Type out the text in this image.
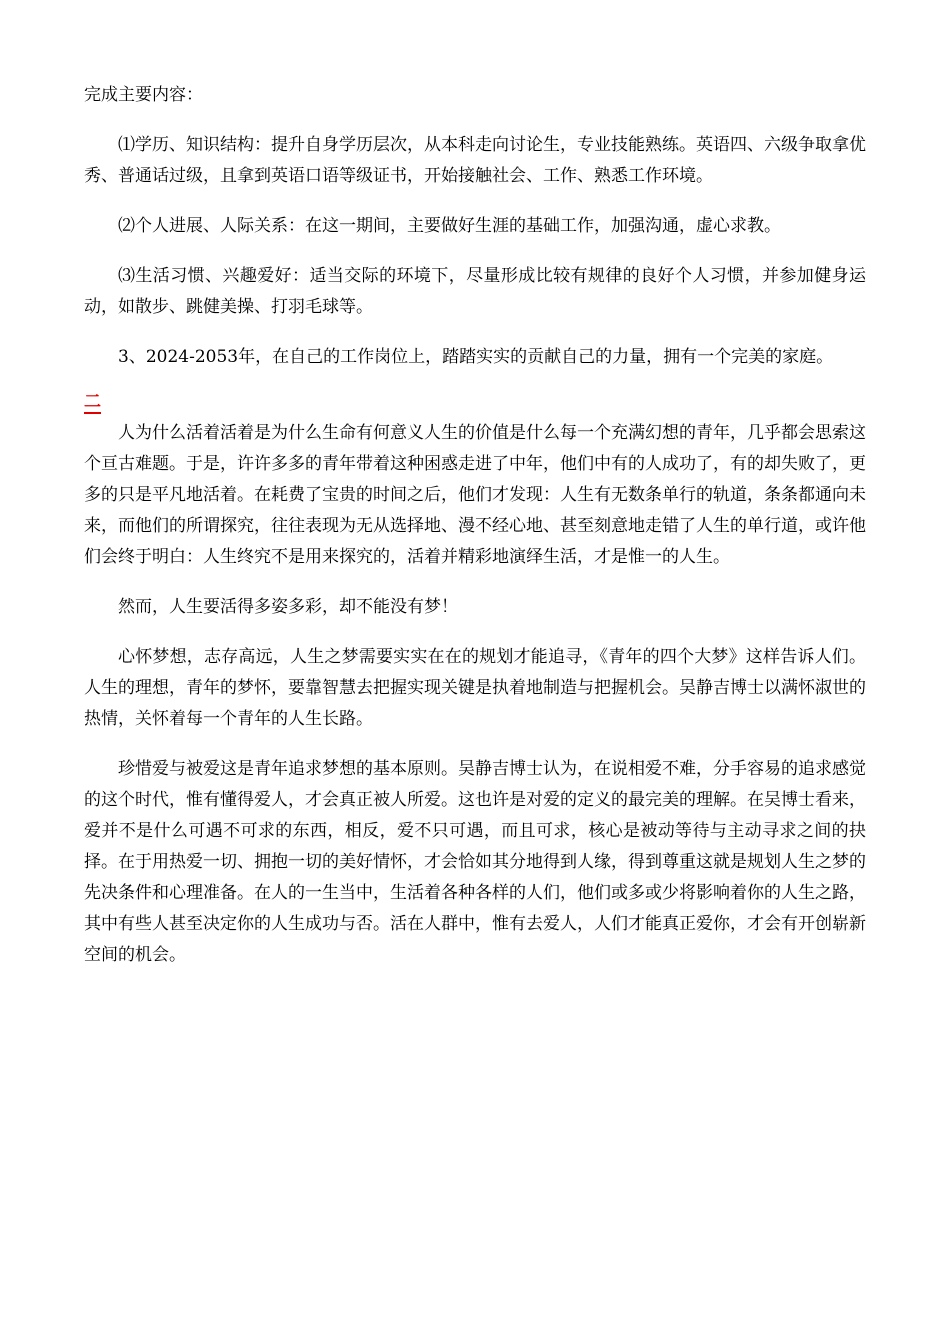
完成主要内容：

⑴学历、知识结构：提升自身学历层次，从本科走向讨论生，专业技能熟练。英语四、六级争取拿优秀、普通话过级，且拿到英语口语等级证书，开始接触社会、工作、熟悉工作环境。

⑵个人进展、人际关系：在这一期间，主要做好生涯的基础工作，加强沟通，虚心求教。

⑶生活习惯、兴趣爱好：适当交际的环境下，尽量形成比较有规律的良好个人习惯，并参加健身运动，如散步、跳健美操、打羽毛球等。

3、2024-2053年，在自己的工作岗位上，踏踏实实的贡献自己的力量，拥有一个完美的家庭。

二

人为什么活着活着是为什么生命有何意义人生的价值是什么每一个充满幻想的青年，几乎都会思索这个亘古难题。于是，许许多多的青年带着这种困惑走进了中年，他们中有的人成功了，有的却失败了，更多的只是平凡地活着。在耗费了宝贵的时间之后，他们才发现：人生有无数条单行的轨道，条条都通向未来，而他们的所谓探究，往往表现为无从选择地、漫不经心地、甚至刻意地走错了人生的单行道，或许他们会终于明白：人生终究不是用来探究的，活着并精彩地演绎生活，才是惟一的人生。

然而，人生要活得多姿多彩，却不能没有梦！

心怀梦想，志存高远，人生之梦需要实实在在的规划才能追寻，《青年的四个大梦》这样告诉人们。人生的理想，青年的梦怀，要靠智慧去把握实现关键是执着地制造与把握机会。吴静吉博士以满怀淑世的热情，关怀着每一个青年的人生长路。

珍惜爱与被爱这是青年追求梦想的基本原则。吴静吉博士认为，在说相爱不难，分手容易的追求感觉的这个时代，惟有懂得爱人，才会真正被人所爱。这也许是对爱的定义的最完美的理解。在吴博士看来，爱并不是什么可遇不可求的东西，相反，爱不只可遇，而且可求，核心是被动等待与主动寻求之间的抉择。在于用热爱一切、拥抱一切的美好情怀，才会恰如其分地得到人缘，得到尊重这就是规划人生之梦的先决条件和心理准备。在人的一生当中，生活着各种各样的人们，他们或多或少将影响着你的人生之路，其中有些人甚至决定你的人生成功与否。活在人群中，惟有去爱人，人们才能真正爱你，才会有开创崭新空间的机会。
